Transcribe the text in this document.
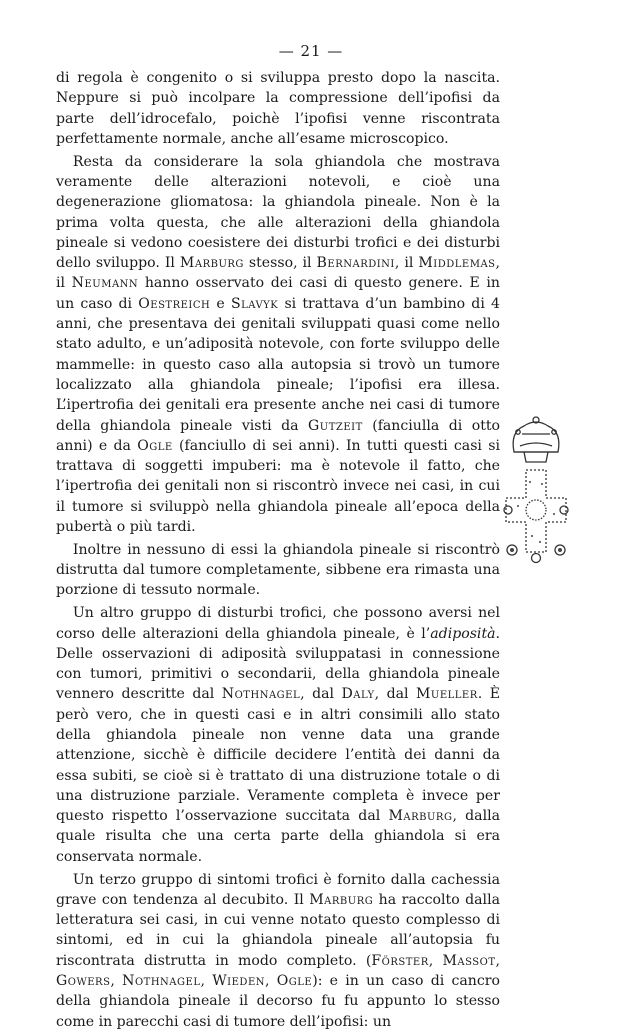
— 21 —

di regola è congenito o si sviluppa presto dopo la nascita. Neppure si può incolpare la compressione dell’ipofisi da parte dell’idrocefalo, poichè l’ipofisi venne riscontrata perfettamente normale, anche all’esame microscopico.

Resta da considerare la sola ghiandola che mostrava veramente delle alterazioni notevoli, e cioè una degenerazione gliomatosa: la ghiandola pineale. Non è la prima volta questa, che alle alterazioni della ghiandola pineale si vedono coesistere dei disturbi trofici e dei disturbi dello sviluppo. Il Marburg stesso, il Bernardini, il Middlemas, il Neumann hanno osservato dei casi di questo genere. E in un caso di Oestreich e Slavyk si trattava d’un bambino di 4 anni, che presentava dei genitali sviluppati quasi come nello stato adulto, e un’adiposità notevole, con forte sviluppo delle mammelle: in questo caso alla autopsia si trovò un tumore localizzato alla ghiandola pineale; l’ipofisi era illesa. L’ipertrofia dei genitali era presente anche nei casi di tumore della ghiandola pineale visti da Gutzeit (fanciulla di otto anni) e da Ogle (fanciullo di sei anni). In tutti questi casi si trattava di soggetti impuberi: ma è notevole il fatto, che l’ipertrofia dei genitali non si riscontrò invece nei casi, in cui il tumore si sviluppò nella ghiandola pineale all’epoca della pubertà o più tardi.

Inoltre in nessuno di essi la ghiandola pineale si riscontrò distrutta dal tumore completamente, sibbene era rimasta una porzione di tessuto normale.

Un altro gruppo di disturbi trofici, che possono aversi nel corso delle alterazioni della ghiandola pineale, è l’adiposità. Delle osservazioni di adiposità sviluppatasi in connessione con tumori, primitivi o secondarii, della ghiandola pineale vennero descritte dal Nothnagel, dal Daly, dal Mueller. È però vero, che in questi casi e in altri consimili allo stato della ghiandola pineale non venne data una grande attenzione, sicchè è difficile decidere l’entità dei danni da essa subiti, se cioè si è trattato di una distruzione totale o di una distruzione parziale. Veramente completa è invece per questo rispetto l’osservazione succitata dal Marburg, dalla quale risulta che una certa parte della ghiandola si era conservata normale.

Un terzo gruppo di sintomi trofici è fornito dalla cachessia grave con tendenza al decubito. Il Marburg ha raccolto dalla letteratura sei casi, in cui venne notato questo complesso di sintomi, ed in cui la ghiandola pineale all’autopsia fu riscontrata distrutta in modo completo. (Förster, Massot, Gowers, Nothnagel, Wieden, Ogle): e in un caso di cancro della ghiandola pineale il decorso fu fu appunto lo stesso come in parecchi casi di tumore dell’ipofisi: un
